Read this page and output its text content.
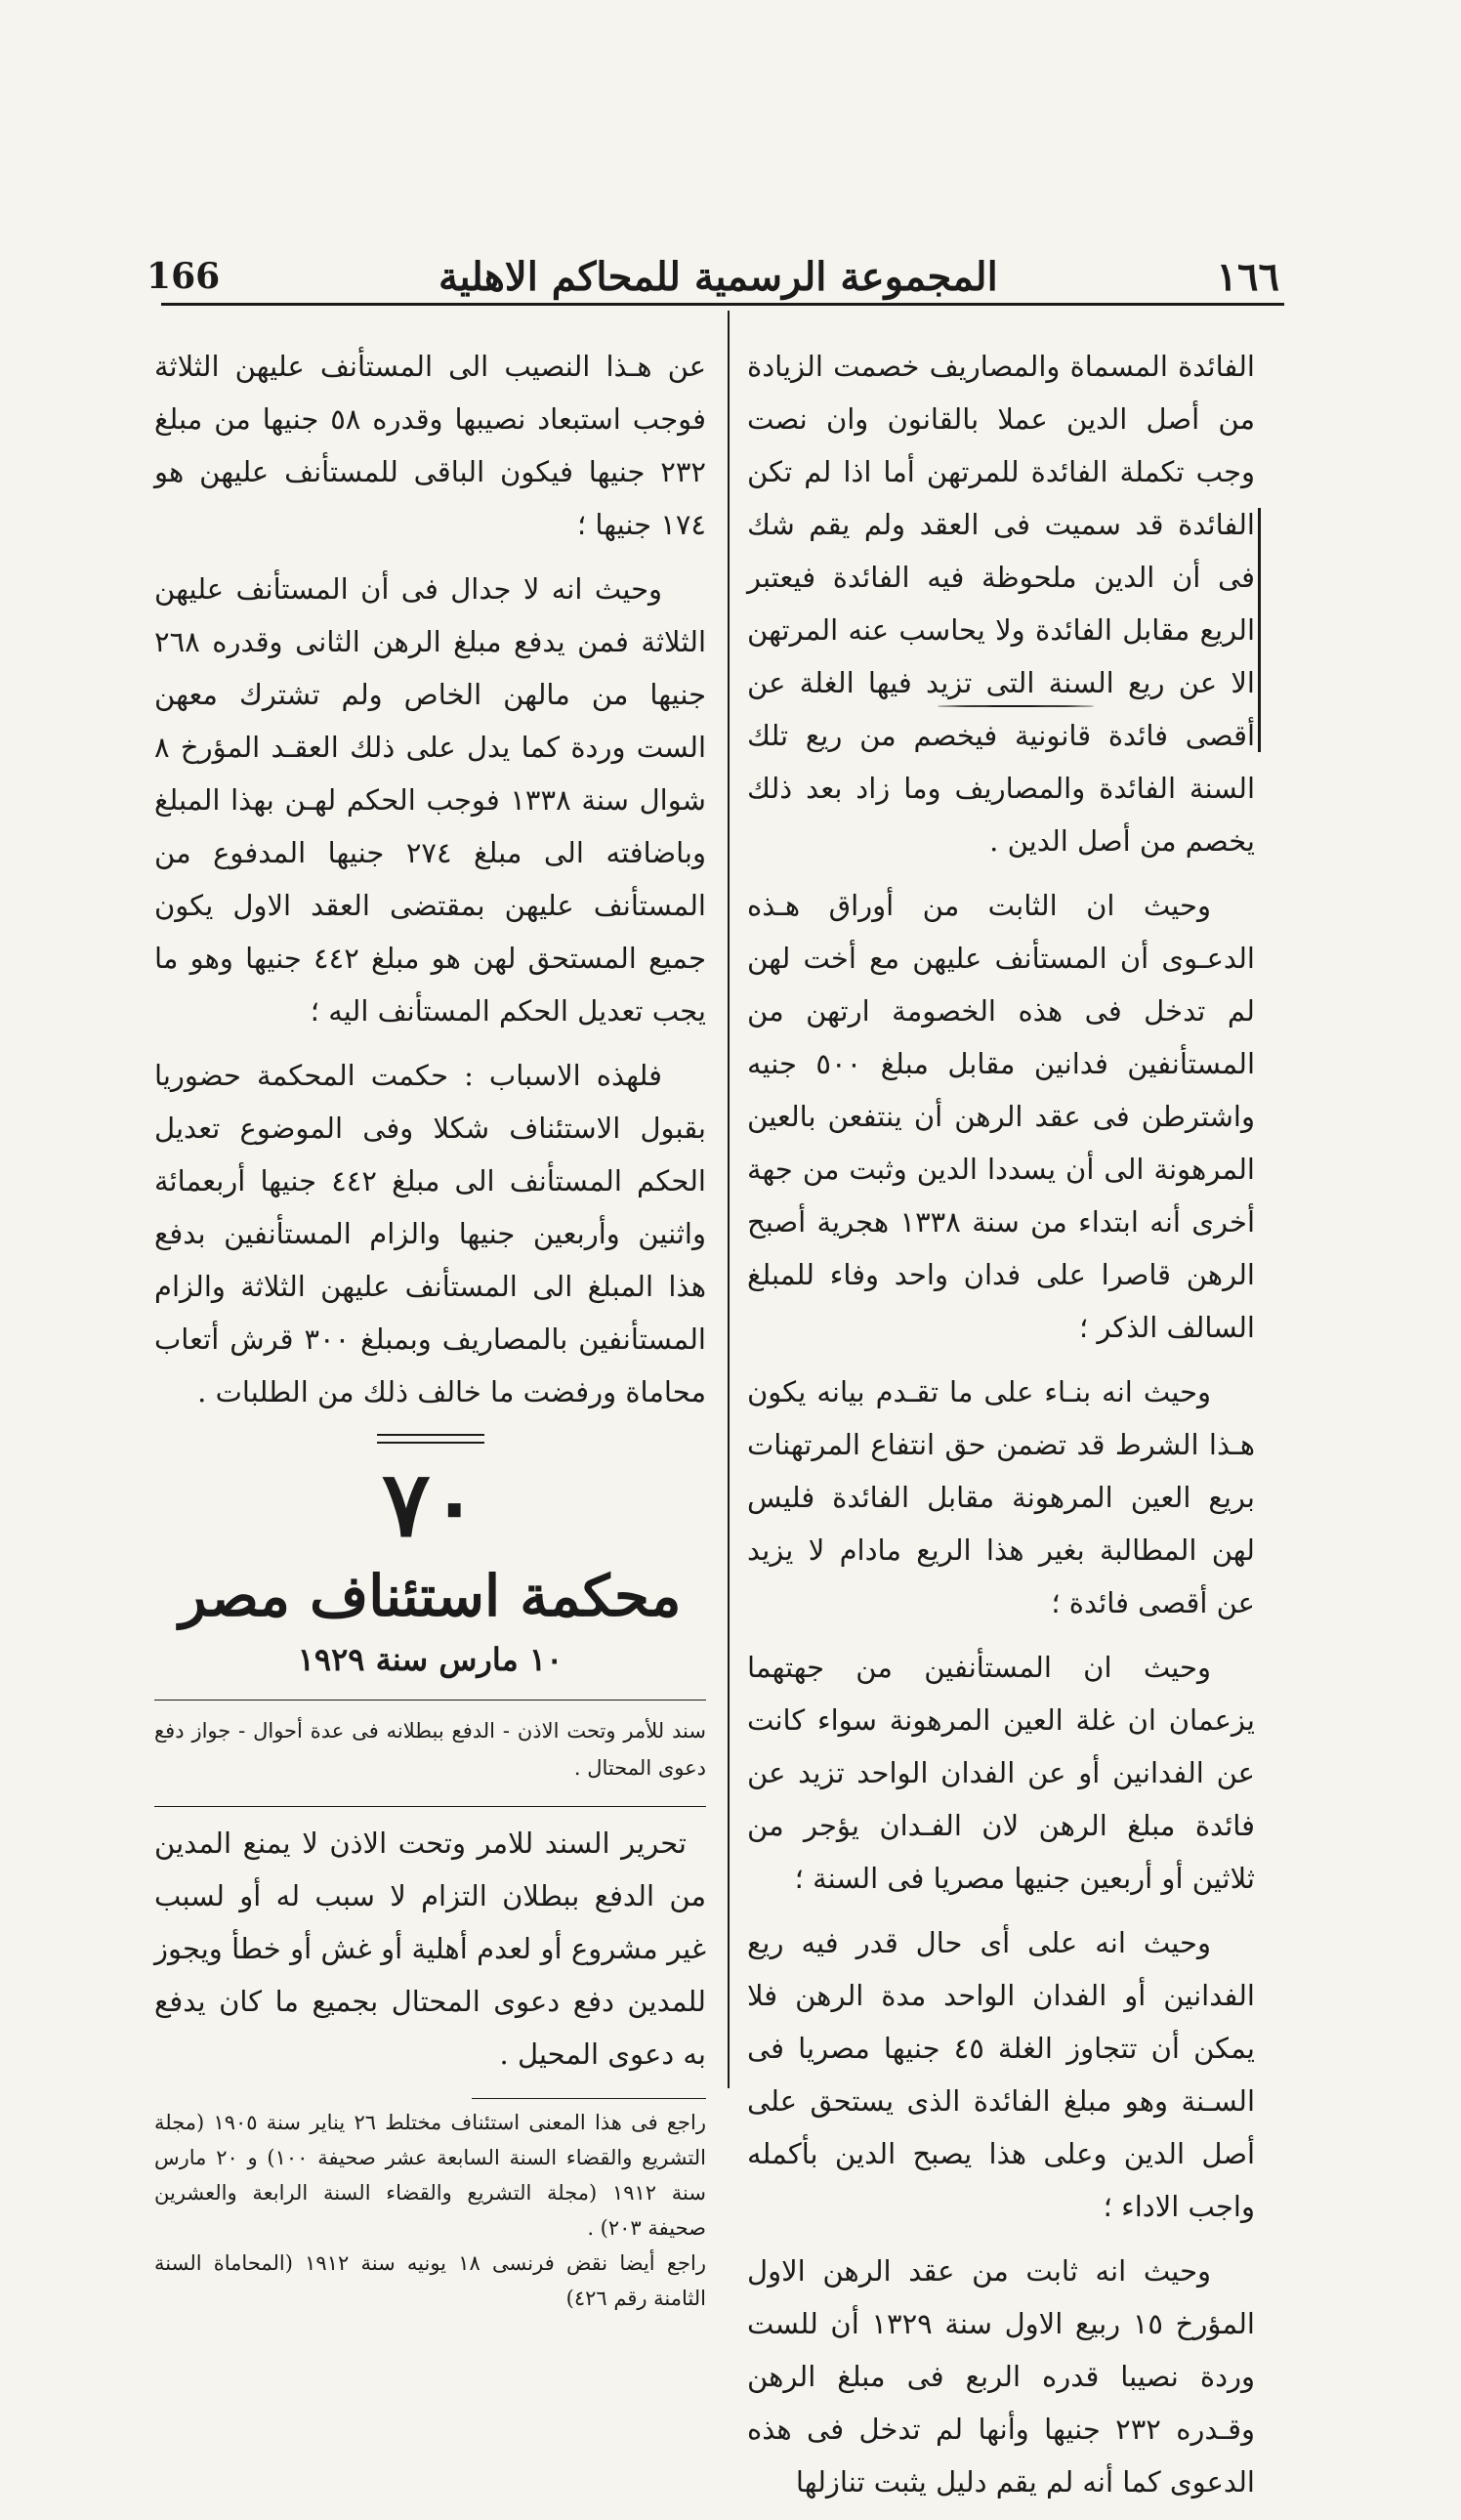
١٦٦
المجموعة الرسمية للمحاكم الاهلية
166

الفائدة المسماة والمصاريف خصمت الزيادة من أصل الدين عملا بالقانون وان نصت وجب تكملة الفائدة للمرتهن أما اذا لم تكن الفائدة قد سميت فى العقد ولم يقم شك فى أن الدين ملحوظة فيه الفائدة فيعتبر الريع مقابل الفائدة ولا يحاسب عنه المرتهن الا عن ريع السنة التى تزيد فيها الغلة عن أقصى فائدة قانونية فيخصم من ريع تلك السنة الفائدة والمصاريف وما زاد بعد ذلك يخصم من أصل الدين .

وحيث ان الثابت من أوراق هـذه الدعـوى أن المستأنف عليهن مع أخت لهن لم تدخل فى هذه الخصومة ارتهن من المستأنفين فدانين مقابل مبلغ ٥٠٠ جنيه واشترطن فى عقد الرهن أن ينتفعن بالعين المرهونة الى أن يسددا الدين وثبت من جهة أخرى أنه ابتداء من سنة ١٣٣٨ هجرية أصبح الرهن قاصرا على فدان واحد وفاء للمبلغ السالف الذكر ؛

وحيث انه بنـاء على ما تقـدم بيانه يكون هـذا الشرط قد تضمن حق انتفاع المرتهنات بريع العين المرهونة مقابل الفائدة فليس لهن المطالبة بغير هذا الريع مادام لا يزيد عن أقصى فائدة ؛

وحيث ان المستأنفين من جهتهما يزعمان ان غلة العين المرهونة سواء كانت عن الفدانين أو عن الفدان الواحد تزيد عن فائدة مبلغ الرهن لان الفـدان يؤجر من ثلاثين أو أربعين جنيها مصريا فى السنة ؛

وحيث انه على أى حال قدر فيه ريع الفدانين أو الفدان الواحد مدة الرهن فلا يمكن أن تتجاوز الغلة ٤٥ جنيها مصريا فى السـنة وهو مبلغ الفائدة الذى يستحق على أصل الدين وعلى هذا يصبح الدين بأكمله واجب الاداء ؛

وحيث انه ثابت من عقد الرهن الاول المؤرخ ١٥ ربيع الاول سنة ١٣٢٩ أن للست وردة نصيبا قدره الربع فى مبلغ الرهن وقـدره ٢٣٢ جنيها وأنها لم تدخل فى هذه الدعوى كما أنه لم يقم دليل يثبت تنازلها

عن هـذا النصيب الى المستأنف عليهن الثلاثة فوجب استبعاد نصيبها وقدره ٥٨ جنيها من مبلغ ٢٣٢ جنيها فيكون الباقى للمستأنف عليهن هو ١٧٤ جنيها ؛

وحيث انه لا جدال فى أن المستأنف عليهن الثلاثة فمن يدفع مبلغ الرهن الثانى وقدره ٢٦٨ جنيها من مالهن الخاص ولم تشترك معهن الست وردة كما يدل على ذلك العقـد المؤرخ ٨ شوال سنة ١٣٣٨ فوجب الحكم لهـن بهذا المبلغ وباضافته الى مبلغ ٢٧٤ جنيها المدفوع من المستأنف عليهن بمقتضى العقد الاول يكون جميع المستحق لهن هو مبلغ ٤٤٢ جنيها وهو ما يجب تعديل الحكم المستأنف اليه ؛

فلهذه الاسباب : حكمت المحكمة حضوريا بقبول الاستئناف شكلا وفى الموضوع تعديل الحكم المستأنف الى مبلغ ٤٤٢ جنيها أربعمائة واثنين وأربعين جنيها والزام المستأنفين بدفع هذا المبلغ الى المستأنف عليهن الثلاثة والزام المستأنفين بالمصاريف وبمبلغ ٣٠٠ قرش أتعاب محاماة ورفضت ما خالف ذلك من الطلبات .

٧٠
محكمة استئناف مصر
١٠ مارس سنة ١٩٢٩

سند للأمر وتحت الاذن - الدفع ببطلانه فى عدة أحوال - جواز دفع دعوى المحتال .

تحرير السند للامر وتحت الاذن لا يمنع المدين من الدفع ببطلان التزام لا سبب له أو لسبب غير مشروع أو لعدم أهلية أو غش أو خطأ ويجوز للمدين دفع دعوى المحتال بجميع ما كان يدفع به دعوى المحيل .

راجع فى هذا المعنى استئناف مختلط ٢٦ يناير سنة ١٩٠٥ (مجلة التشريع والقضاء السنة السابعة عشر صحيفة ١٠٠) و ٢٠ مارس سنة ١٩١٢ (مجلة التشريع والقضاء السنة الرابعة والعشرين صحيفة ٢٠٣) .

راجع أيضا نقض فرنسى ١٨ يونيه سنة ١٩١٢ (المحاماة السنة الثامنة رقم ٤٢٦)
